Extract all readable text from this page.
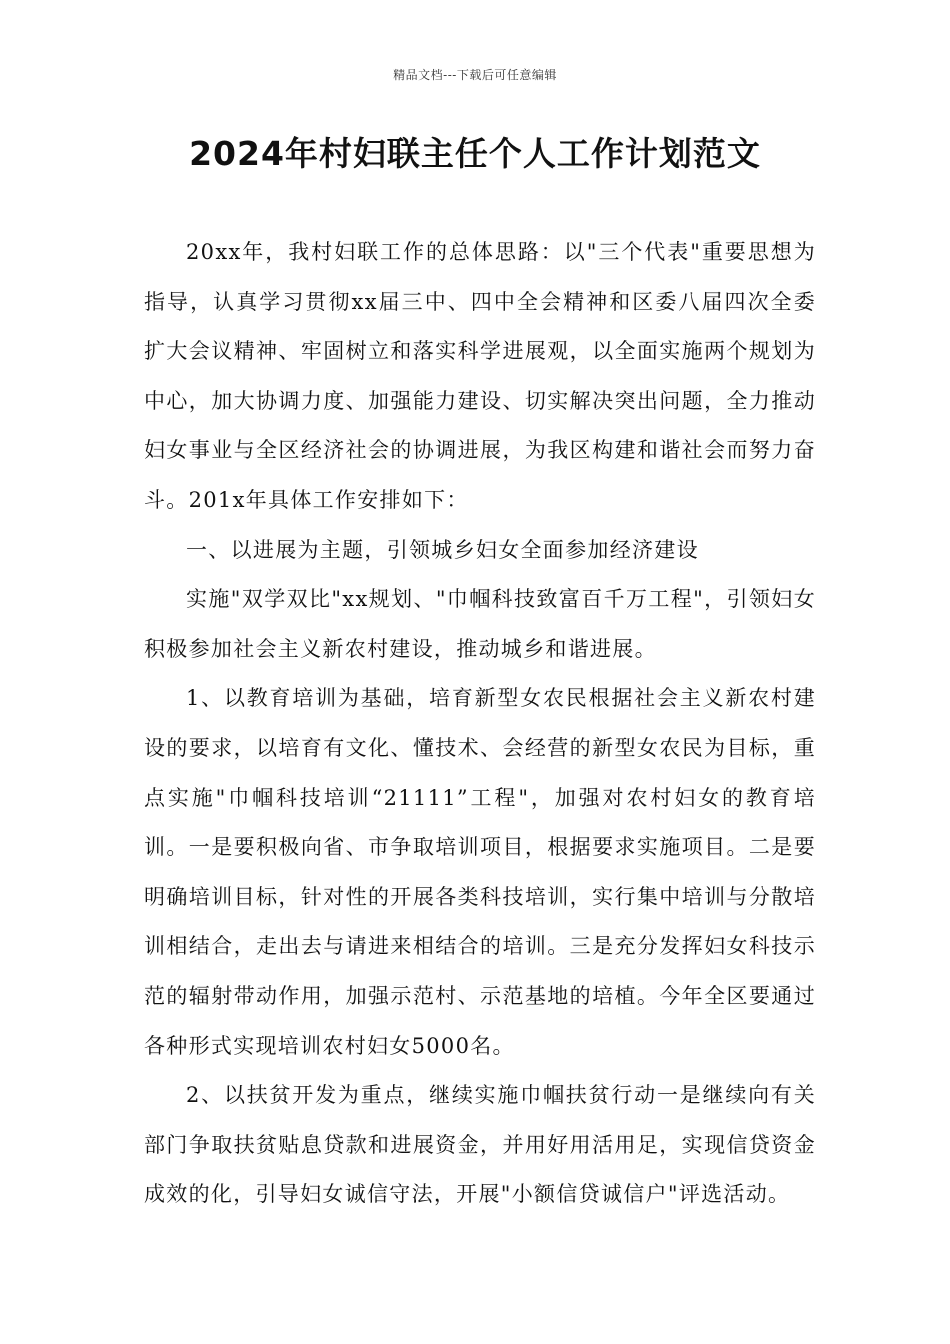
精品文档---下载后可任意编辑
2024年村妇联主任个人工作计划范文

20xx年，我村妇联工作的总体思路：以"三个代表"重要思想为指导，认真学习贯彻xx届三中、四中全会精神和区委八届四次全委扩大会议精神、牢固树立和落实科学进展观，以全面实施两个规划为中心，加大协调力度、加强能力建设、切实解决突出问题，全力推动妇女事业与全区经济社会的协调进展，为我区构建和谐社会而努力奋斗。201x年具体工作安排如下：

一、以进展为主题，引领城乡妇女全面参加经济建设

实施"双学双比"xx规划、"巾帼科技致富百千万工程"，引领妇女积极参加社会主义新农村建设，推动城乡和谐进展。

1、以教育培训为基础，培育新型女农民根据社会主义新农村建设的要求，以培育有文化、懂技术、会经营的新型女农民为目标，重点实施"巾帼科技培训“21111”工程"，加强对农村妇女的教育培训。一是要积极向省、市争取培训项目，根据要求实施项目。二是要明确培训目标，针对性的开展各类科技培训，实行集中培训与分散培训相结合，走出去与请进来相结合的培训。三是充分发挥妇女科技示范的辐射带动作用，加强示范村、示范基地的培植。今年全区要通过各种形式实现培训农村妇女5000名。

2、以扶贫开发为重点，继续实施巾帼扶贫行动一是继续向有关部门争取扶贫贴息贷款和进展资金，并用好用活用足，实现信贷资金成效的化，引导妇女诚信守法，开展"小额信贷诚信户"评选活动。
